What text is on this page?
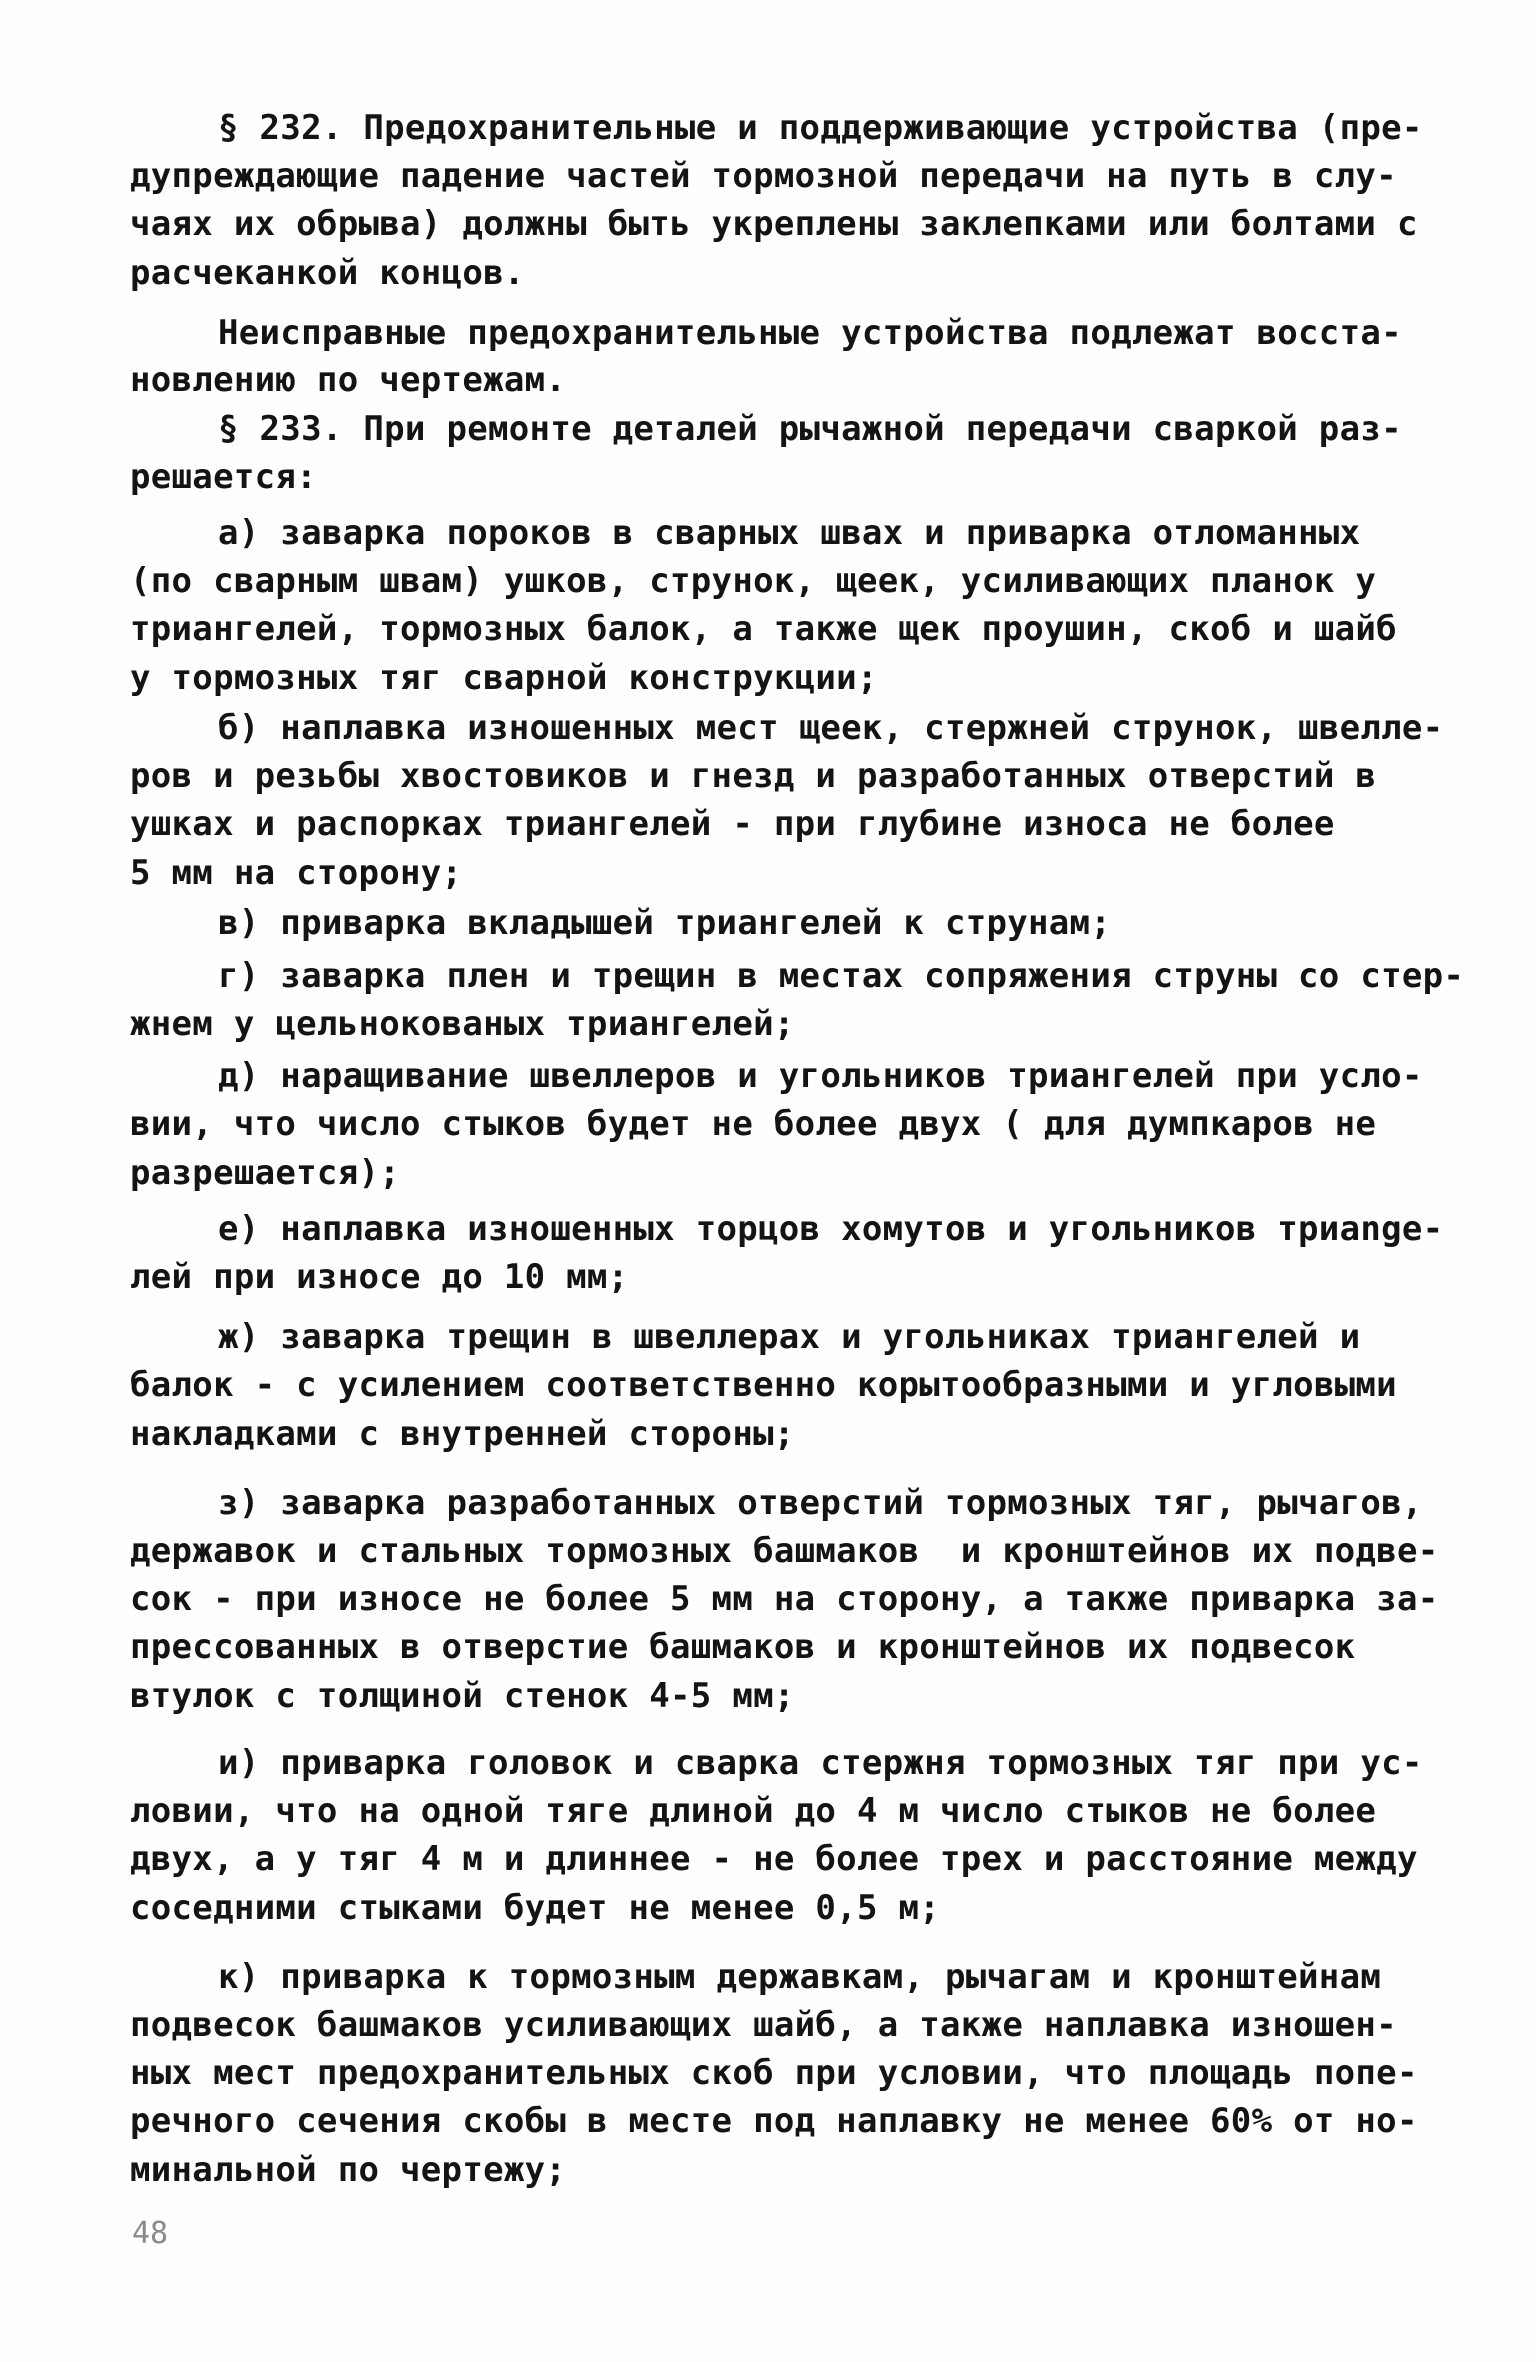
§ 232. Предохранительные и поддерживающие устройства (пре-
дупреждающие падение частей тормозной передачи на путь в слу-
чаях их обрыва) должны быть укреплены заклепками или болтами с
расчеканкой концов.
Неисправные предохранительные устройства подлежат восста-
новлению по чертежам.
§ 233. При ремонте деталей рычажной передачи сваркой раз-
решается:
а) заварка пороков в сварных швах и приварка отломанных
(по сварным швам) ушков, струнок, щеек, усиливающих планок у
триангелей, тормозных балок, а также щек проушин, скоб и шайб
у тормозных тяг сварной конструкции;
б) наплавка изношенных мест щеек, стержней струнок, швелле-
ров и резьбы хвостовиков и гнезд и разработанных отверстий в
ушках и распорках триангелей - при глубине износа не более
5 мм на сторону;
в) приварка вкладышей триангелей к струнам;
г) заварка плен и трещин в местах сопряжения струны со стер-
жнем у цельнокованых триангелей;
д) наращивание швеллеров и угольников триангелей при усло-
вии, что число стыков будет не более двух ( для думпкаров не
разрешается);
е) наплавка изношенных торцов хомутов и угольников триange-
лей при износе до 10 мм;
ж) заварка трещин в швеллерах и угольниках триангелей и
балок - с усилением соответственно корытообразными и угловыми
накладками с внутренней стороны;
з) заварка разработанных отверстий тормозных тяг, рычагов,
державок и стальных тормозных башмаков  и кронштейнов их подве-
сок - при износе не более 5 мм на сторону, а также приварка за-
прессованных в отверстие башмаков и кронштейнов их подвесок
втулок с толщиной стенок 4-5 мм;
и) приварка головок и сварка стержня тормозных тяг при ус-
ловии, что на одной тяге длиной до 4 м число стыков не более
двух, а у тяг 4 м и длиннее - не более трех и расстояние между
соседними стыками будет не менее 0,5 м;
к) приварка к тормозным державкам, рычагам и кронштейнам
подвесок башмаков усиливающих шайб, а также наплавка изношен-
ных мест предохранительных скоб при условии, что площадь попе-
речного сечения скобы в месте под наплавку не менее 60% от но-
минальной по чертежу;
48
